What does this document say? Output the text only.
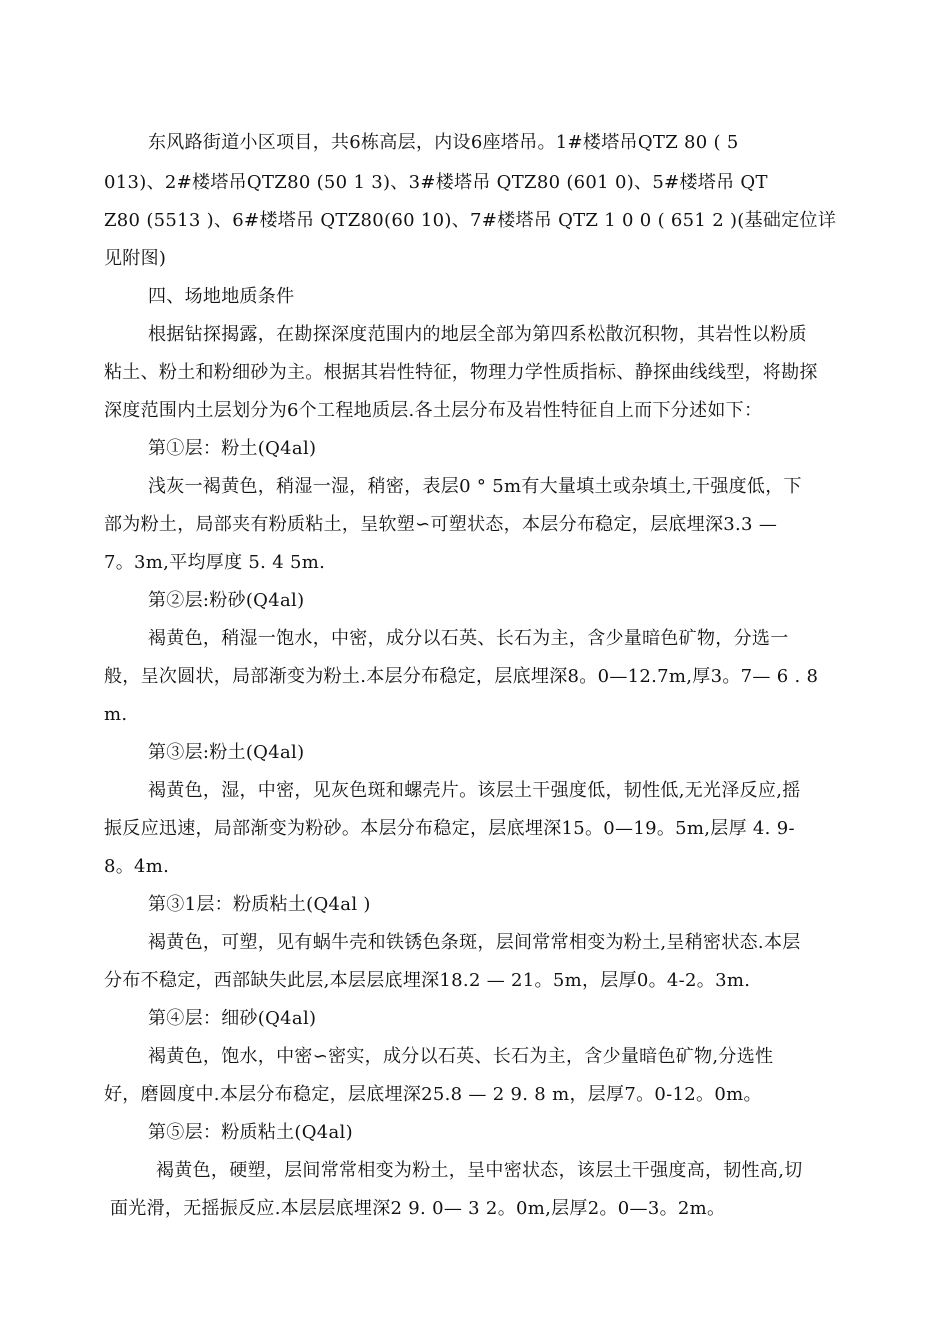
东风路街道小区项目，共6栋高层，内设6座塔吊。1#楼塔吊QTZ 80 ( 5
013)、2#楼塔吊QTZ80 (50 1 3)、3#楼塔吊 QTZ80 (601 0)、5#楼塔吊 QT
Z80 (5513 )、6#楼塔吊 QTZ80(60 10)、7#楼塔吊 QTZ 1 0 0 ( 651 2 )(基础定位详
见附图)
四、场地地质条件
根据钻探揭露，在勘探深度范围内的地层全部为第四系松散沉积物，其岩性以粉质
粘土、粉土和粉细砂为主。根据其岩性特征，物理力学性质指标、静探曲线线型，将勘探
深度范围内土层划分为6个工程地质层.各土层分布及岩性特征自上而下分述如下：
第①层：粉土(Q4al)
浅灰一褐黄色，稍湿一湿，稍密，表层0 ° 5m有大量填土或杂填土,干强度低，下
部为粉土，局部夹有粉质粘土，呈软塑∽可塑状态，本层分布稳定，层底埋深3.3 —
7。3m,平均厚度 5. 4 5m.
第②层:粉砂(Q4al)
褐黄色，稍湿一饱水，中密，成分以石英、长石为主，含少量暗色矿物，分选一
般，呈次圆状，局部渐变为粉土.本层分布稳定，层底埋深8。0—12.7m,厚3。7— 6 . 8
m.
第③层:粉土(Q4al)
褐黄色，湿，中密，见灰色斑和螺壳片。该层土干强度低，韧性低,无光泽反应,摇
振反应迅速，局部渐变为粉砂。本层分布稳定，层底埋深15。0—19。5m,层厚 4. 9-
8。4m.
第③1层：粉质粘土(Q4al )
褐黄色，可塑，见有蜗牛壳和铁锈色条斑，层间常常相变为粉土,呈稍密状态.本层
分布不稳定，西部缺失此层,本层层底埋深18.2 — 21。5m，层厚0。4-2。3m.
第④层：细砂(Q4al)
褐黄色，饱水，中密∽密实，成分以石英、长石为主，含少量暗色矿物,分选性
好，磨圆度中.本层分布稳定，层底埋深25.8 — 2 9. 8 m，层厚7。0-12。0m。
第⑤层：粉质粘土(Q4al)
褐黄色，硬塑，层间常常相变为粉土，呈中密状态，该层土干强度高，韧性高,切
面光滑，无摇振反应.本层层底埋深2 9. 0— 3 2。0m,层厚2。0—3。2m。
